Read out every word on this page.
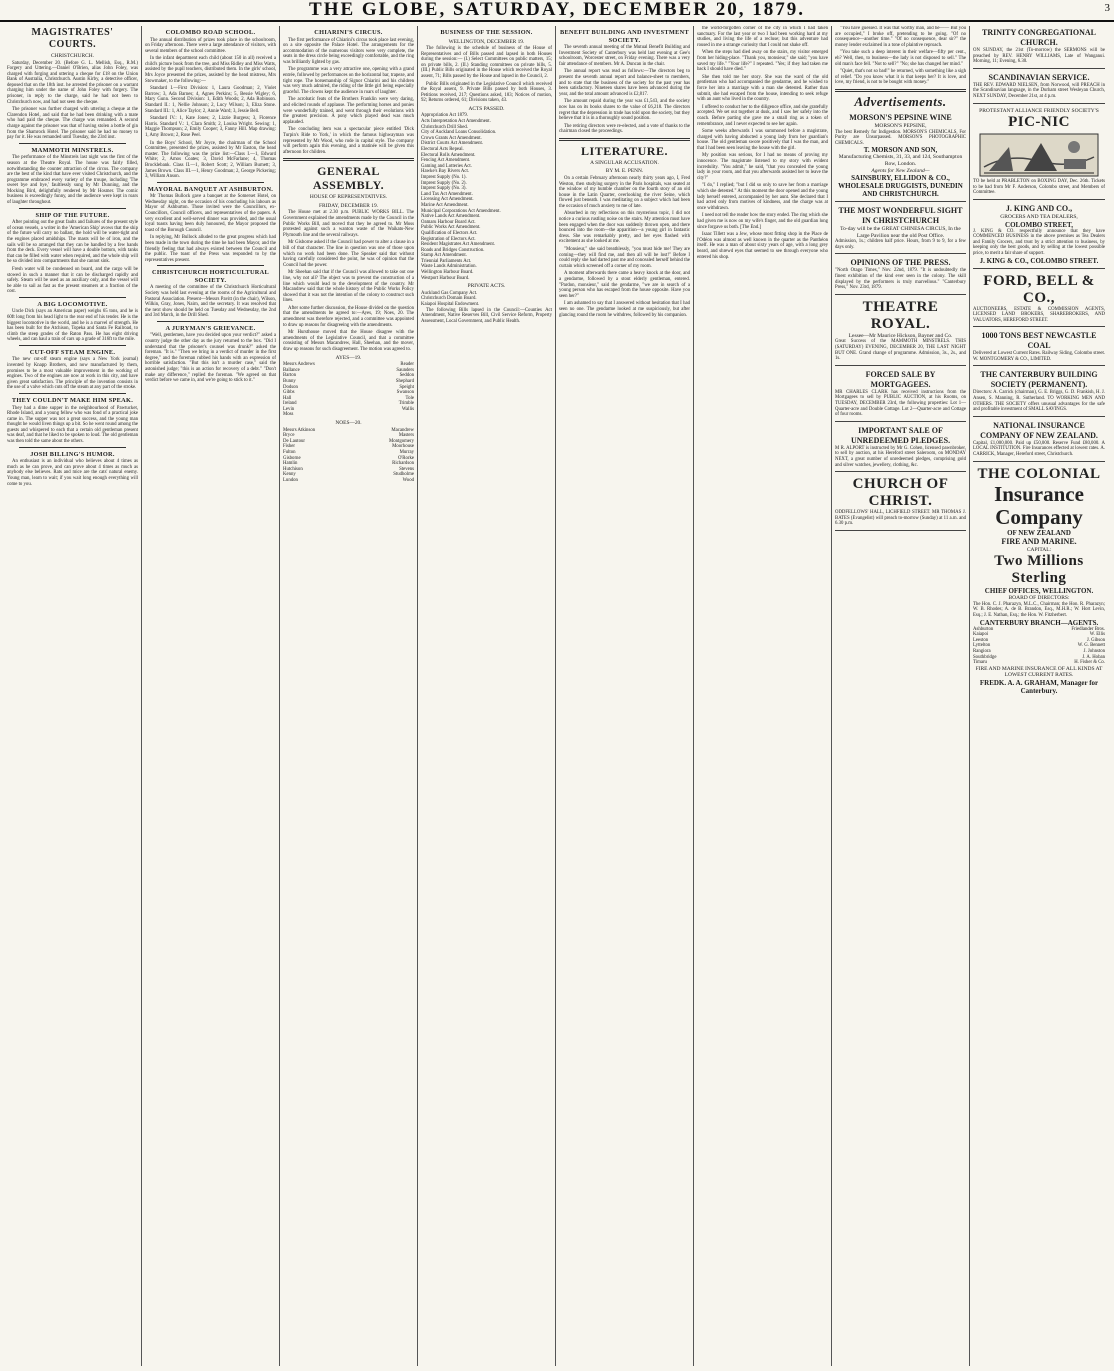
THE GLOBE, SATURDAY, DECEMBER 20, 1879.	3
MAGISTRATES' COURTS.
CHRISTCHURCH.

Saturday, December 20. (Before G. L. Mellish, Esq., R.M.) Forgery and Uttering.—Daniel O'Brien, alias John Foley, was charged with forging and uttering a cheque for £18 on the Union Bank of Australia, Christchurch. Austin Kirby, a detective officer, deposed that on the 18th inst. he arrested the prisoner on a warrant charging him under the name of John Foley with forgery. The prisoner, in reply to the charge, said he had not been to Christchurch now, and had not seen the cheque.

The prisoner was further charged with uttering a cheque at the Clarendon Hotel, and said that he had been drinking with a mate who had paid the cheque. The charge was remanded. A second charge against the prisoner was that of having stolen a bottle of gin from the Shamrock Hotel. The prisoner said he had no money to pay for it. He was remanded until Tuesday, the 23rd inst.

MAMMOTH MINSTRELS.

The performance of the Minstrels last night was the first of the season at the Theatre Royal. The house was fairly filled, notwithstanding the counter attraction of the circus. The company are the best of the kind that have ever visited Christchurch, and the programme embraced every variety of the troupe, including 'The sweet bye and bye,' faultlessly sung by Mr Dunning, and the Mocking Bird, delightfully rendered by Mr Hosmer. The comic business is exceedingly funny, and the audience were kept in roars of laughter throughout.

SHIP OF THE FUTURE.

After pointing out the great faults and failures of the present style of ocean vessels, a writer in the 'American Ship' avows that the ship of the future will carry no ballast, the hold will be water-tight and the engines placed amidships. The masts will be of iron, and the sails will be so arranged that they can be handled by a few hands from the deck. Every vessel will have a double bottom, with tanks that can be filled with water when required, and the whole ship will be so divided into compartments that she cannot sink.

Fresh water will be condensed on board, and the cargo will be stowed in such a manner that it can be discharged rapidly and safely. Steam will be used as an auxiliary only, and the vessel will be able to sail as fast as the present steamers at a fraction of the cost.

A BIG LOCOMOTIVE.

Uncle Dick (says an American paper) weighs 65 tons, and he is 60ft long from his head light to the rear end of his tender. He is the biggest locomotive in the world, and he is a marvel of strength. He has been built for the Atchison, Topeka and Santa Fe Railroad, to climb the steep grades of the Raton Pass. He has eight driving wheels, and can haul a train of cars up a grade of 316ft to the mile.

CUT-OFF STEAM ENGINE.

The new cut-off steam engine (says a New York journal) invented by Knapp Brothers, and now manufactured by them, promises to be a most valuable improvement in the working of engines. Two of the engines are now at work in this city, and have given great satisfaction. The principle of the invention consists in the use of a valve which cuts off the steam at any part of the stroke.

THEY COULDN'T MAKE HIM SPEAK.

They had a dime supper in the neighbourhood of Pawtucket, Rhode Island, and a young fellow who was fond of a practical joke came in. The supper was not a great success, and the young man thought he would liven things up a bit. So he went round among the guests and whispered to each that a certain old gentleman present was deaf, and that he liked to be spoken to loud. The old gentleman was then told the same about the others.

JOSH BILLING'S HUMOR.

An enthusiast is an individual who believes about 4 times as much as he can prove, and can prove about 4 times as much as anybody else believes. Rats and mice are the cats' natural enemy. Young man, learn to wait; if you wait long enough everything will come to you.

COLOMBO ROAD SCHOOL.

The annual distribution of prizes took place in the schoolroom, on Friday afternoon. There were a large attendance of visitors, with several members of the school committee.

In the infant department each child (about 150 in all) received a child's picture book from the tree, and Miss Ridley and Miss Watts, assisted by the pupil teachers, distributed them. In the girls' school, Mrs Joyce presented the prizes, assisted by the head mistress, Mrs Stowmaker, to the following:—

Standard I.—First Division: 1, Laura Goodman; 2, Violet Barrow; 3, Ada Barnes; 4, Agnes Perkins; 5, Bessie Wigley; 6, Mary Gunn. Second Division: 1, Edith Woods; 2, Ada Robinson. Standard II.: 1, Nellie Johnson; 2, Lucy Wilson; 3, Eliza Stone. Standard III.: 1, Alice Taylor; 2, Annie Ward; 3, Jessie Bell.

Standard IV.: 1, Kate Jones; 2, Lizzie Burgess; 3, Florence Harris. Standard V.: 1, Clara Smith; 2, Louisa Wright. Sewing: 1, Maggie Thompson; 2, Emily Cooper; 3, Fanny Hill. Map drawing: 1, Amy Brown; 2, Rose Peel.

In the Boys' School, Mr Joyce, the chairman of the School Committee, presented the prizes, assisted by Mr Easton, the head master. The following was the prize list:—Class I.—1, Edward White; 2, Amos Coates; 3, David McFarlane; 4, Thomas Brocklebank. Class II.—1, Robert Scott; 2, William Burnett; 3, James Brown. Class III.—1, Henry Goodman; 2, George Pickering; 3, William Anson.

MAYORAL BANQUET AT ASHBURTON.

Mr Thomas Bullock gave a banquet at the Somerset Hotel, on Wednesday night, on the occasion of his concluding his labours as Mayor of Ashburton. Those invited were the Councillors, ex-Councillors, Council officers, and representatives of the papers. A very excellent and well-served dinner was provided, and the usual loyal toasts having been duly honoured, the Mayor proposed the toast of the Borough Council.

In replying, Mr Bullock alluded to the great progress which had been made in the town during the time he had been Mayor, and the friendly feeling that had always existed between the Council and the public. The toast of the Press was responded to by the representatives present.

CHRISTCHURCH HORTICULTURAL SOCIETY.

A meeting of the committee of the Christchurch Horticultural Society was held last evening at the rooms of the Agricultural and Pastoral Association. Present—Messrs Pavitt (in the chair), Wilson, Wilkin, Gray, Jones, Nairn, and the secretary. It was resolved that the next show should be held on Tuesday and Wednesday, the 2nd and 3rd March, in the Drill Shed.

A JURYMAN'S GRIEVANCE.

"Well, gentlemen, have you decided upon your verdict?" asked a country judge the other day as the jury returned to the box. "Did I understand that the prisoner's counsel was drunk?" asked the foreman. "It is." "Then we bring in a verdict of murder in the first degree," and the foreman rubbed his hands with an expression of horrible satisfaction. "But this isn't a murder case," said the astonished judge; "this is an action for recovery of a debt." "Don't make any difference," replied the foreman. "We agreed on that verdict before we came in, and we're going to stick to it."

CHIARINI'S CIRCUS.

The first performance of Chiarini's circus took place last evening, on a site opposite the Palace Hotel. The arrangements for the accommodation of the numerous visitors were very complete, the seats in the dress circle being exceedingly comfortable, and the ring was brilliantly lighted by gas.

The programme was a very attractive one, opening with a grand entrée, followed by performances on the horizontal bar, trapeze, and tight rope. The horsemanship of Signor Chiarini and his children was very much admired, the riding of the little girl being especially graceful. The clowns kept the audience in roars of laughter.

The acrobatic feats of the Brothers Franklin were very daring, and elicited rounds of applause. The performing horses and ponies were wonderfully trained, and went through their evolutions with the greatest precision. A pony which played dead was much applauded.

The concluding item was a spectacular piece entitled 'Dick Turpin's Ride to York,' in which the famous highwayman was represented by Mr Wood, who rode in capital style. The company will perform again this evening, and a matinée will be given this afternoon for children.

GENERAL ASSEMBLY.
HOUSE OF REPRESENTATIVES.
FRIDAY, DECEMBER 19.

The House met at 2.30 p.m. PUBLIC WORKS BILL. The Government explained the amendments made by the Council in the Public Works Bill, and moved that they be agreed to. Mr Moss protested against such a wanton waste of the Waikato-New Plymouth line and the several railways.

Mr Gisborne asked if the Council had power to alter a clause in a bill of that character. The line in question was one of those upon which no work had been done. The Speaker said that without having carefully considered the point, he was of opinion that the Council had the power.

Mr Sheehan said that if the Council was allowed to take out one line, why not all? The object was to prevent the construction of a line which would lead to the development of the country. Mr Macandrew said that the whole history of the Public Works Policy showed that it was not the intention of the colony to construct such lines.

After some further discussion, the House divided on the question that the amendments be agreed to:—Ayes, 19; Noes, 20. The amendment was therefore rejected, and a committee was appointed to draw up reasons for disagreeing with the amendments.

Mr Hursthouse moved that the House disagree with the amendments of the Legislative Council, and that a committee consisting of Messrs Macandrew, Hall, Sheehan, and the mover, draw up reasons for such disagreement. The motion was agreed to.

AYES—19.
Messrs Andrews	Reader
Ballance	Saunders
Barton	Seddon
Bunny	Shephard
Dodson	Speight
Gibbs	Swanson
Hall	Tole
Ireland	Trimble
Levin	Wallis
Moss
NOES—20.
Messrs Atkinson	Macandrew
Bryce	Masters
De Lautour	Montgomery
Fisher	Moorhouse
Fulton	Murray
Gisborne	O'Rorke
Hamlin	Richardson
Hutchison	Stevens
Kenny	Studholme
Lundon	Wood
BUSINESS OF THE SESSION.
WELLINGTON, DECEMBER 19.

The following is the schedule of business of the House of Representatives and of Bills passed and lapsed in both Houses during the session:— (I.) Select Committees on public matters, 15; on private bills, 2. (II.) Standing committees on private bills, 5. (III.) Public Bills originated in the House which received the Royal assent, 71; Bills passed by the House and lapsed in the Council, 2.

Public Bills originated in the Legislative Council which received the Royal assent, 9. Private Bills passed by both Houses, 3. Petitions received, 217; Questions asked, 183; Notices of motion, 92; Returns ordered, 61; Divisions taken, 43.

ACTS PASSED.
Appropriation Act 1879.
Acts Interpretation Act Amendment.
Christchurch Drill Shed.
City of Auckland Loans Consolidation.
Crown Grants Act Amendment.
District Courts Act Amendment.
Electoral Acts Repeal.
Electoral Rolls Amendment.
Fencing Act Amendment.
Gaming and Lotteries Act.
Hawke's Bay Rivers Act.
Imprest Supply (No. 1).
Imprest Supply (No. 2).
Imprest Supply (No. 3).
Land Tax Act Amendment.
Licensing Act Amendment.
Marine Act Amendment.
Municipal Corporations Act Amendment.
Native Lands Act Amendment.
Oamaru Harbour Board Act.
Public Works Act Amendment.
Qualification of Electors Act.
Registration of Electors Act.
Resident Magistrates Act Amendment.
Roads and Bridges Construction.
Stamp Act Amendment.
Triennial Parliaments Act.
Waste Lands Administration.
Wellington Harbour Board.
Westport Harbour Board.
PRIVATE ACTS.
Auckland Gas Company Act.
Christchurch Domain Board.
Kaiapoi Hospital Endowment.

The following Bills lapsed in the Council:—Counties Act Amendment, Native Reserves Bill, Civil Service Reform, Property Assessment, Local Government, and Public Health.

BENEFIT BUILDING AND INVESTMENT SOCIETY.

The seventh annual meeting of the Mutual Benefit Building and Investment Society of Canterbury was held last evening at Gee's schoolroom, Worcester street, on Friday evening. There was a very fair attendance of members. Mr A. Duncan in the chair.

The annual report was read as follows:—The directors beg to present the seventh annual report and balance-sheet to members, and to state that the business of the society for the past year has been satisfactory. Nineteen shares have been advanced during the year, and the total amount advanced is £2,817.

The amount repaid during the year was £1,543, and the society now has on its books shares to the value of £6,218. The directors regret that the depression in trade has told upon the society, but they believe that it is in a thoroughly sound position.

The retiring directors were re-elected, and a vote of thanks to the chairman closed the proceedings.

LITERATURE.
A SINGULAR ACCUSATION.
BY M. E. PENN.

On a certain February afternoon nearly thirty years ago, I, Fred Weston, then studying surgery in the Paris hospitals, was seated at the window of my humble chamber on the fourth story of an old house in the Latin Quarter, overlooking the river Seine, which flowed just beneath. I was meditating on a subject which had been the occasion of much anxiety to me of late.

Absorbed in my reflections on this mysterious topic, I did not notice a curious rustling noise on the stairs. My attention must have been engaged when the door was suddenly thrown open, and there bounced into the room—the apparition—a young girl in fantastic dress. She was remarkably pretty, and her eyes flashed with excitement as she looked at me.

"Monsieur," she said breathlessly, "you must hide me! They are coming—they will find me, and then all will be lost!" Before I could reply she had darted past me and concealed herself behind the curtain which screened off a corner of my room.

A moment afterwards there came a heavy knock at the door, and a gendarme, followed by a stout elderly gentleman, entered. "Pardon, monsieur," said the gendarme, "we are in search of a young person who has escaped from the house opposite. Have you seen her?"

I am ashamed to say that I answered without hesitation that I had seen no one. The gendarme looked at me suspiciously, but after glancing round the room he withdrew, followed by his companion.

the world-forgotten corner of the city in which I had taken sanctuary. For the last year or two I had been working hard at my studies, and living the life of a recluse; but this adventure had roused in me a strange curiosity that I could not shake off.

When the steps had died away on the stairs, my visitor emerged from her hiding-place. "Thank you, monsieur," she said; "you have saved my life." "Your life?" I repeated. "Yes; if they had taken me back I should have died."

She then told me her story. She was the ward of the old gentleman who had accompanied the gendarme, and he wished to force her into a marriage with a man she detested. Rather than submit, she had escaped from the house, intending to seek refuge with an aunt who lived in the country.

I offered to conduct her to the diligence office, and she gratefully accepted. We set out together at dusk, and I saw her safely into the coach. Before parting she gave me a small ring as a token of remembrance, and I never expected to see her again.

Some weeks afterwards I was summoned before a magistrate, charged with having abducted a young lady from her guardian's house. The old gentleman swore positively that I was the man, and that I had been seen leaving the house with the girl.

My position was serious, for I had no means of proving my innocence. The magistrate listened to my story with evident incredulity. "You admit," he said, "that you concealed the young lady in your room, and that you afterwards assisted her to leave the city?"

"I do," I replied; "but I did so only to save her from a marriage which she detested." At this moment the door opened and the young lady herself entered, accompanied by her aunt. She declared that I had acted only from motives of kindness, and the charge was at once withdrawn.

I need not tell the reader how the story ended. The ring which she had given me is now on my wife's finger, and the old guardian long since forgave us both. [The End.]

Isaac Tillett was a Jew, whose most fitting shop in the Place de l'Odéon was almost as well known in the quarter as the Panthéon itself. He was a man of about sixty years of age, with a long grey beard, and shrewd eyes that seemed to see through everyone who entered his shop.

"You have guessed. It was that worthy man, and he—— But you are occupied," I broke off, pretending to be going. "Of no consequence—another time." "Of no consequence, dear sir?" the money lender exclaimed in a tone of plaintive reproach.

"You take such a deep interest in their welfare—fifty per cent., eh? Well, then, to business—the lady is not disposed to sell." The old man's face fell. "Not to sell?" "No; she has changed her mind."

"Quiet, that's not so bad!" he returned, with something like a sigh of relief. "Do you know what it is that keeps her? It is love, and love, my friend, is not to be bought with money."

Advertisements.
MORSON'S PEPSINE WINE
MORSON'S PEPSINE,
The best Remedy for Indigestion. MORSON'S CHEMICALS, For Purity are Unsurpassed. MORSON'S PHOTOGRAPHIC CHEMICALS.
T. MORSON AND SON,
Manufacturing Chemists, 31, 33, and 124, Southampton Row, London.
Agents for New Zealand—
SAINSBURY, ELLIDON & CO., WHOLESALE DRUGGISTS, DUNEDIN AND CHRISTCHURCH.
THE MOST WONDERFUL SIGHT IN CHRISTCHURCH
To-day will be the GREAT CHINESA CIRCUS, In the Large Pavilion near the old Post Office.
Admission, 1s.; children half price. Hours, from 9 to 9, for a few days only.
OPINIONS OF THE PRESS.
"North Otago Times," Nov. 22nd, 1879. "It is undoubtedly the finest exhibition of the kind ever seen in the colony. The skill displayed by the performers is truly marvellous." "Canterbury Press," Nov. 23rd, 1879.
THEATRE ROYAL.
Lessee—Mr Maurice Hickson, Bayner and Co.
Great Success of the MAMMOTH MINSTRELS. THIS (SATURDAY) EVENING, DECEMBER 20, THE LAST NIGHT BUT ONE. Grand change of programme. Admission, 3s., 2s., and 1s.
FORCED SALE BY MORTGAGEES.
MR CHARLES CLARK has received instructions from the Mortgagees to sell by PUBLIC AUCTION, at his Rooms, on TUESDAY, DECEMBER 23rd, the following properties: Lot 1—Quarter-acre and Double Cottage. Lot 2—Quarter-acre and Cottage of four rooms.
IMPORTANT SALE OF UNREDEEMED PLEDGES.
M R. ALPORT is instructed by Mr G. Cohen, licensed pawnbroker, to sell by auction, at his Hereford street Saleroom, on MONDAY NEXT, a great number of unredeemed pledges, comprising gold and silver watches, jewellery, clothing, &c.
CHURCH OF CHRIST.
ODDFELLOWS' HALL, LICHFIELD STREET. MR THOMAS J. BATES (Evangelist) will preach to-morrow (Sunday) at 11 a.m. and 6.30 p.m.
TRINITY CONGREGATIONAL CHURCH.
ON SUNDAY, the 21st (To-morrow) the SERMONS will be preached by REV. HENRY WILLIAMS, Late of Wanganui. Morning, 11; Evening, 6.30.
SCANDINAVIAN SERVICE.
THE REV. EDWARD NIELSEN, from Norwood, will PREACH in the Scandinavian language, in the Durham street Wesleyan Church, NEXT SUNDAY, December 21st, at 4 p.m.
PROTESTANT ALLIANCE FRIENDLY SOCIETY'S
PIC-NIC
TO be held at PRABLETON on BOXING DAY, Dec. 26th. Tickets to be had from Mr F. Anderson, Colombo street, and Members of Committee.
J. KING AND CO.,
GROCERS AND TEA DEALERS,
COLOMBO STREET,
J. KING & CO. respectfully announce that they have COMMENCED BUSINESS in the above premises as Tea Dealers and Family Grocers, and trust by a strict attention to business, by keeping only the best goods, and by selling at the lowest possible price, to merit a fair share of support.
J. KING & CO., COLOMBO STREET.
FORD, BELL & CO.,
AUCTIONEERS, ESTATE & COMMISSION AGENTS, LICENSED LAND BROKERS, SHAREBROKERS, AND VALUATORS, HEREFORD STREET.
1000 TONS BEST NEWCASTLE COAL
Delivered at Lowest Current Rates. Railway Siding, Colombo street. W. MONTGOMERY & CO., LIMITED.
THE CANTERBURY BUILDING SOCIETY (PERMANENT).
Directors: A. Carrick (chairman), G. E. Briggs, G. D. Frankish, H. J. Ansen, S. Manning, R. Sutherland. TO WORKING MEN AND OTHERS. THE SOCIETY offers unusual advantages for the safe and profitable investment of SMALL SAVINGS.
NATIONAL INSURANCE COMPANY OF NEW ZEALAND.
Capital, £1,000,000. Paid up £50,000. Reserve Fund £80,000. A LOCAL INSTITUTION. Fire Insurances effected at lowest rates. A. CARRICK, Manager, Hereford street, Christchurch.
THE COLONIAL
Insurance Company
OF NEW ZEALAND
FIRE AND MARINE.
CAPITAL:
Two Millions Sterling
CHIEF OFFICES, WELLINGTON.
BOARD OF DIRECTORS:
The Hon. C. J. Pharazyn, M.L.C., Chairman; the Hon. R. Pharazyn; W. B. Rhodes; A. de B. Brandon, Esq., M.H.R.; W. Hort Levin, Esq.; J. E. Nathan, Esq.; the Hon. W. Fitzherbert.
CANTERBURY BRANCH—AGENTS.
Ashburton	Friedlander Bros.
Kaiapoi	W. Ellis
Leeston	J. Gibson
Lyttelton	W. G. Bennett
Rangiora	J. Johnston
Southbridge	J. A. Hoban
Timaru	H. Fisher & Co.
FIRE AND MARINE INSURANCE OF ALL KINDS AT LOWEST CURRENT RATES.
FREDK. A. A. GRAHAM, Manager for Canterbury.
